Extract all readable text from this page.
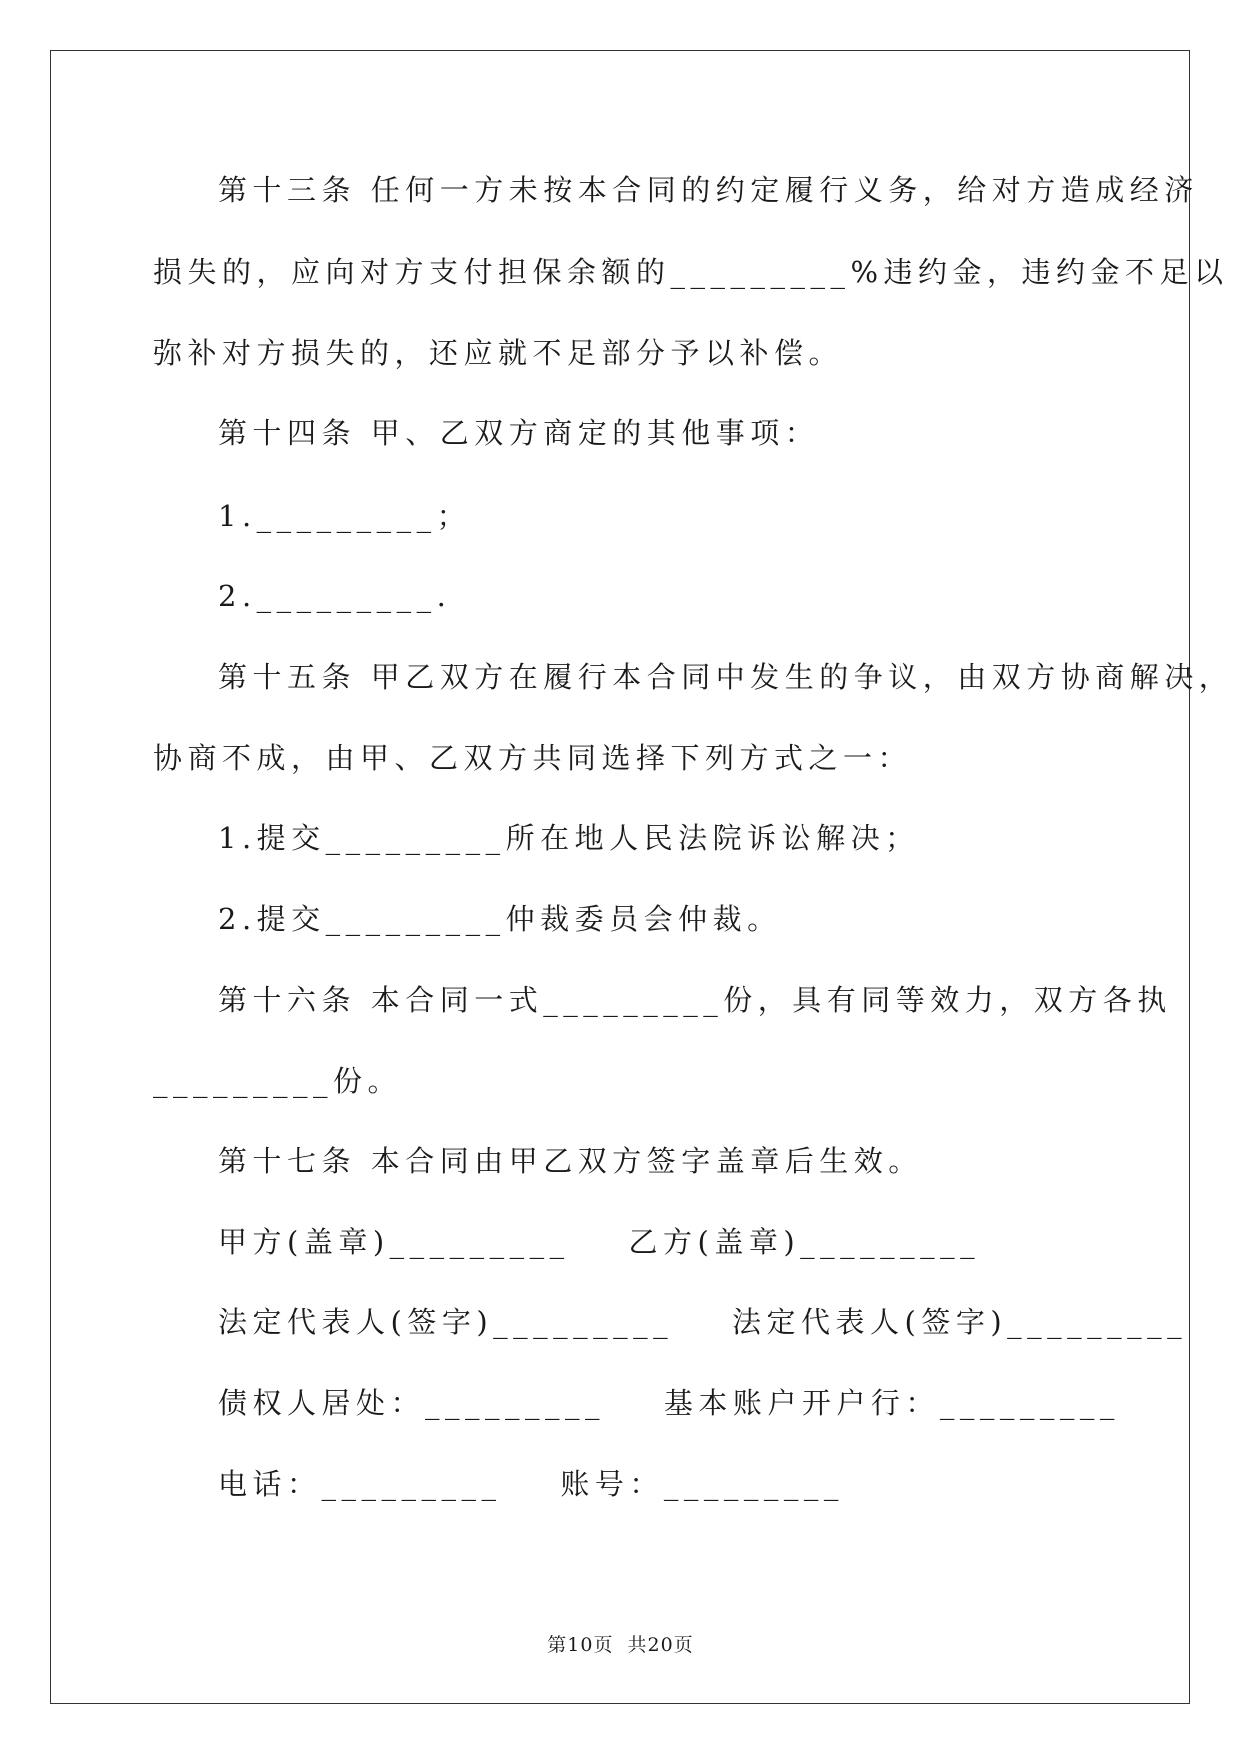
第十三条 任何一方未按本合同的约定履行义务，给对方造成经济
损失的，应向对方支付担保余额的_________%违约金，违约金不足以
弥补对方损失的，还应就不足部分予以补偿。
第十四条 甲、乙双方商定的其他事项：
1._________；
2._________.
第十五条 甲乙双方在履行本合同中发生的争议，由双方协商解决，
协商不成，由甲、乙双方共同选择下列方式之一：
1.提交_________所在地人民法院诉讼解决；
2.提交_________仲裁委员会仲裁。
第十六条 本合同一式_________份，具有同等效力，双方各执
_________份。
第十七条 本合同由甲乙双方签字盖章后生效。
甲方(盖章)_________    乙方(盖章)_________
法定代表人(签字)_________    法定代表人(签字)_________
债权人居处：_________    基本账户开户行：_________
电话：_________    账号：_________
第10页  共20页
